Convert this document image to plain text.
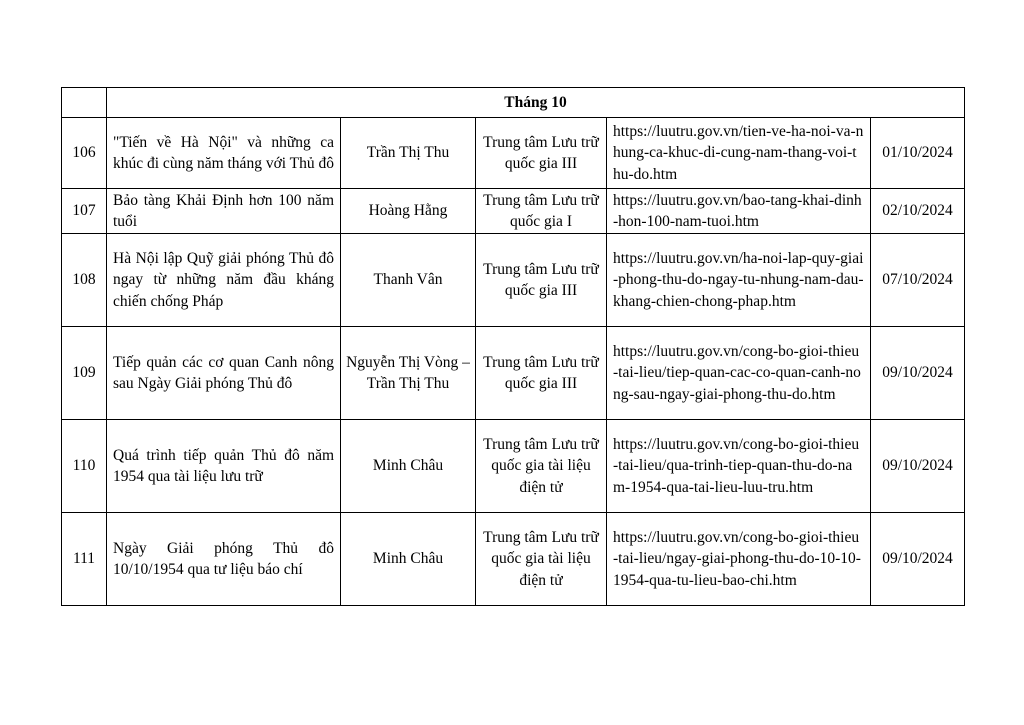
	Tháng 10				
106	"Tiến về Hà Nội" và những ca khúc đi cùng năm tháng với Thủ đô	Trần Thị Thu	Trung tâm Lưu trữ quốc gia III	https://luutru.gov.vn/tien-ve-ha-noi-va-nhung-ca-khuc-di-cung-nam-thang-voi-thu-do.htm	01/10/2024
107	Bảo tàng Khải Định hơn 100 năm tuổi	Hoàng Hằng	Trung tâm Lưu trữ quốc gia I	https://luutru.gov.vn/bao-tang-khai-dinh-hon-100-nam-tuoi.htm	02/10/2024
108	Hà Nội lập Quỹ giải phóng Thủ đô ngay từ những năm đầu kháng chiến chống Pháp	Thanh Vân	Trung tâm Lưu trữ quốc gia III	https://luutru.gov.vn/ha-noi-lap-quy-giai-phong-thu-do-ngay-tu-nhung-nam-dau-khang-chien-chong-phap.htm	07/10/2024
109	Tiếp quản các cơ quan Canh nông sau Ngày Giải phóng Thủ đô	Nguyễn Thị Vòng – Trần Thị Thu	Trung tâm Lưu trữ quốc gia III	https://luutru.gov.vn/cong-bo-gioi-thieu-tai-lieu/tiep-quan-cac-co-quan-canh-nong-sau-ngay-giai-phong-thu-do.htm	09/10/2024
110	Quá trình tiếp quản Thủ đô năm 1954 qua tài liệu lưu trữ	Minh Châu	Trung tâm Lưu trữ quốc gia tài liệu điện tử	https://luutru.gov.vn/cong-bo-gioi-thieu-tai-lieu/qua-trinh-tiep-quan-thu-do-nam-1954-qua-tai-lieu-luu-tru.htm	09/10/2024
111	Ngày Giải phóng Thủ đô 10/10/1954 qua tư liệu báo chí	Minh Châu	Trung tâm Lưu trữ quốc gia tài liệu điện tử	https://luutru.gov.vn/cong-bo-gioi-thieu-tai-lieu/ngay-giai-phong-thu-do-10-10-1954-qua-tu-lieu-bao-chi.htm	09/10/2024
